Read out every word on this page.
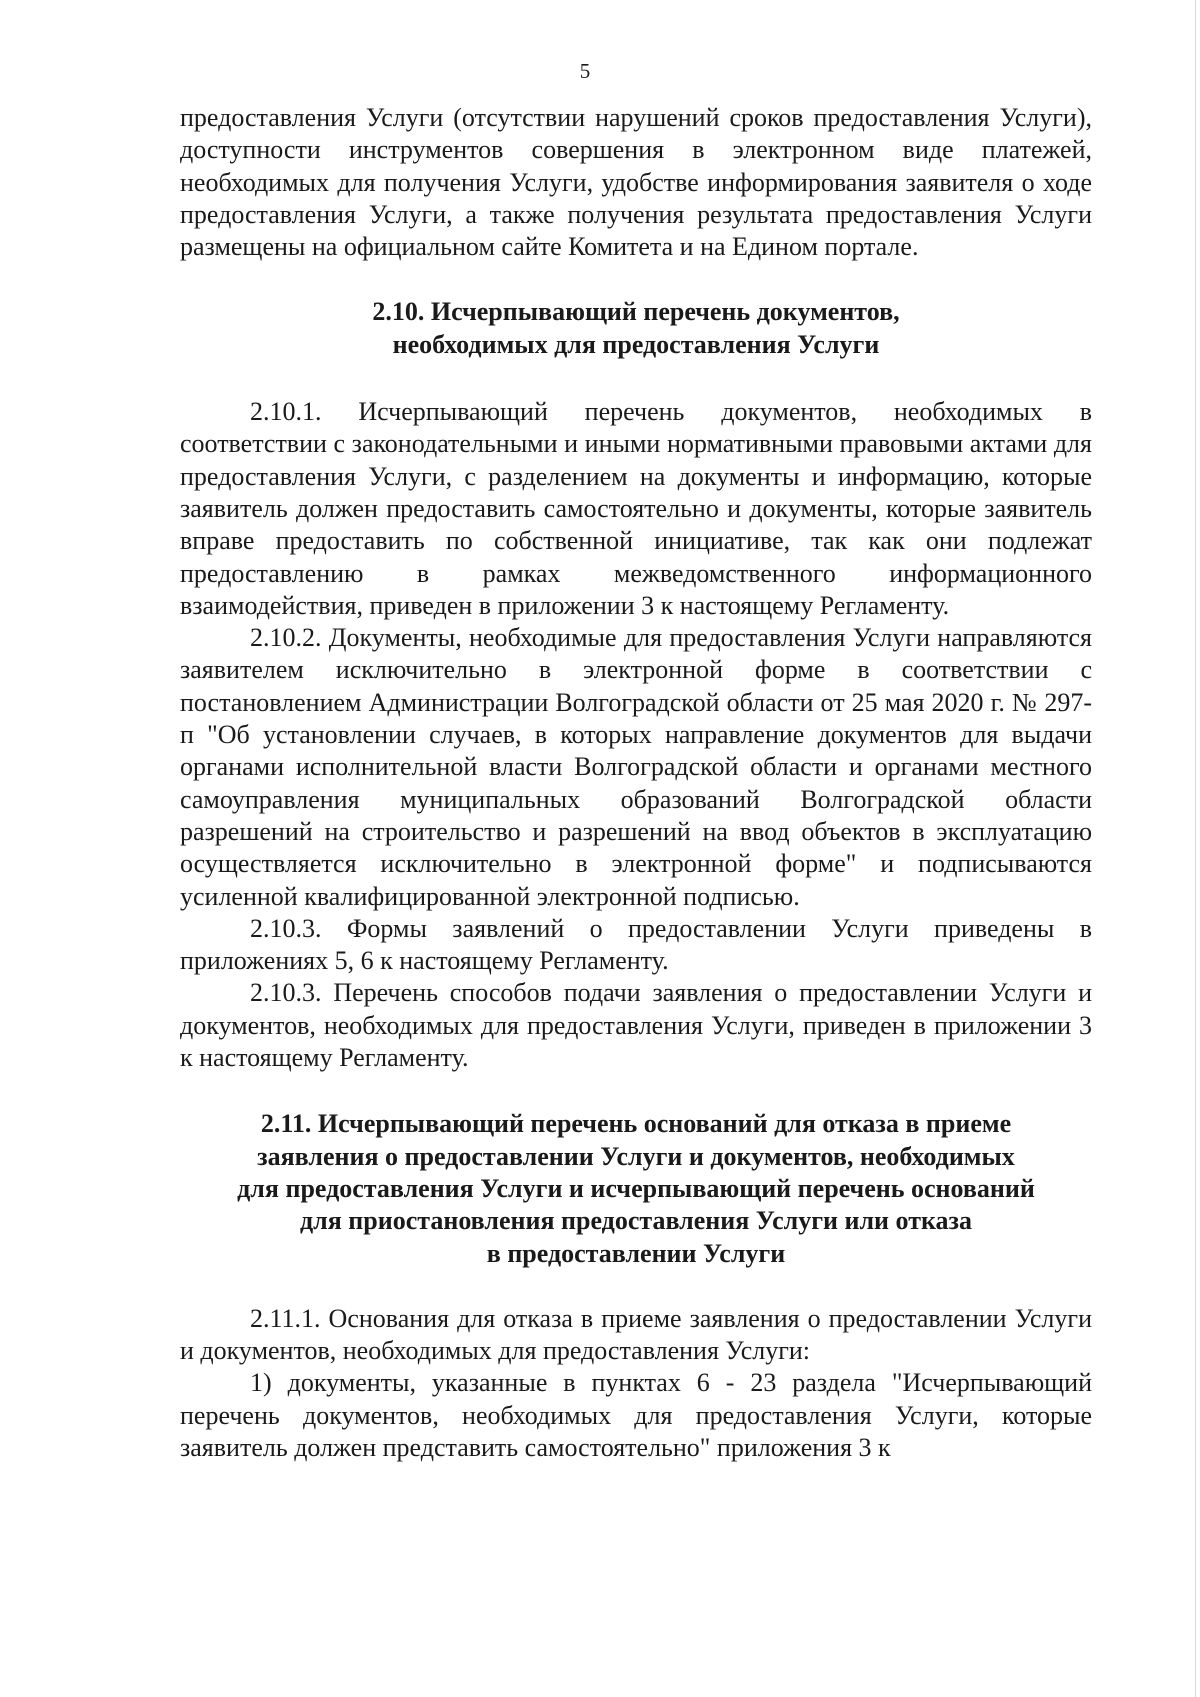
5

предоставления Услуги (отсутствии нарушений сроков предоставления Услуги), доступности инструментов совершения в электронном виде платежей, необходимых для получения Услуги, удобстве информирования заявителя о ходе предоставления Услуги, а также получения результата предоставления Услуги размещены на официальном сайте Комитета и на Едином портале.

2.10. Исчерпывающий перечень документов,
необходимых для предоставления Услуги

2.10.1. Исчерпывающий перечень документов, необходимых в соответствии с законодательными и иными нормативными правовыми актами для предоставления Услуги, с разделением на документы и информацию, которые заявитель должен предоставить самостоятельно и документы, которые заявитель вправе предоставить по собственной инициативе, так как они подлежат предоставлению в рамках межведомственного информационного взаимодействия, приведен в приложении 3 к настоящему Регламенту.

2.10.2. Документы, необходимые для предоставления Услуги направляются заявителем исключительно в электронной форме в соответствии с постановлением Администрации Волгоградской области от 25 мая 2020 г. № 297-п "Об установлении случаев, в которых направление документов для выдачи органами исполнительной власти Волгоградской области и органами местного самоуправления муниципальных образований Волгоградской области разрешений на строительство и разрешений на ввод объектов в эксплуатацию осуществляется исключительно в электронной форме" и подписываются усиленной квалифицированной электронной подписью.

2.10.3. Формы заявлений о предоставлении Услуги приведены в приложениях 5, 6 к настоящему Регламенту.

2.10.3. Перечень способов подачи заявления о предоставлении Услуги и документов, необходимых для предоставления Услуги, приведен в приложении 3 к настоящему Регламенту.

2.11. Исчерпывающий перечень оснований для отказа в приеме
заявления о предоставлении Услуги и документов, необходимых
для предоставления Услуги и исчерпывающий перечень оснований
для приостановления предоставления Услуги или отказа
в предоставлении Услуги

2.11.1. Основания для отказа в приеме заявления о предоставлении Услуги и документов, необходимых для предоставления Услуги:

1) документы, указанные в пунктах 6 - 23 раздела "Исчерпывающий перечень документов, необходимых для предоставления Услуги, которые заявитель должен представить самостоятельно" приложения 3 к
